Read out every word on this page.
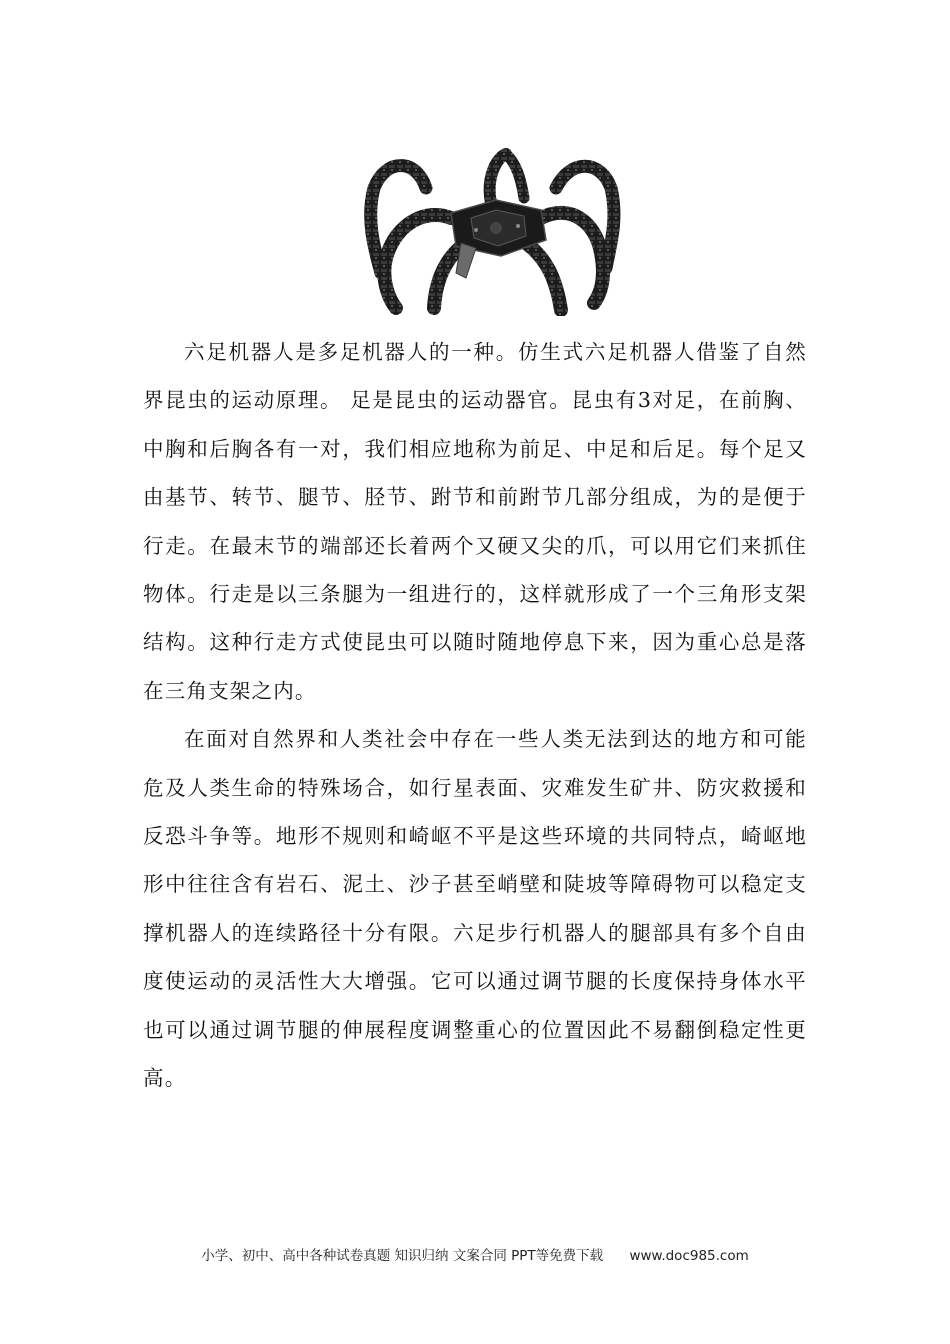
六足机器人是多足机器人的一种。仿生式六足机器人借鉴了自然界昆虫的运动原理。 足是昆虫的运动器官。昆虫有3对足，在前胸、中胸和后胸各有一对，我们相应地称为前足、中足和后足。每个足又由基节、转节、腿节、胫节、跗节和前跗节几部分组成，为的是便于行走。在最末节的端部还长着两个又硬又尖的爪，可以用它们来抓住物体。行走是以三条腿为一组进行的，这样就形成了一个三角形支架结构。这种行走方式使昆虫可以随时随地停息下来，因为重心总是落在三角支架之内。

在面对自然界和人类社会中存在一些人类无法到达的地方和可能危及人类生命的特殊场合，如行星表面、灾难发生矿井、防灾救援和反恐斗争等。地形不规则和崎岖不平是这些环境的共同特点，崎岖地形中往往含有岩石、泥土、沙子甚至峭壁和陡坡等障碍物可以稳定支撑机器人的连续路径十分有限。六足步行机器人的腿部具有多个自由度使运动的灵活性大大增强。它可以通过调节腿的长度保持身体水平也可以通过调节腿的伸展程度调整重心的位置因此不易翻倒稳定性更高。

小学、初中、高中各种试卷真题 知识归纳 文案合同 PPT等免费下载 www.doc985.com
